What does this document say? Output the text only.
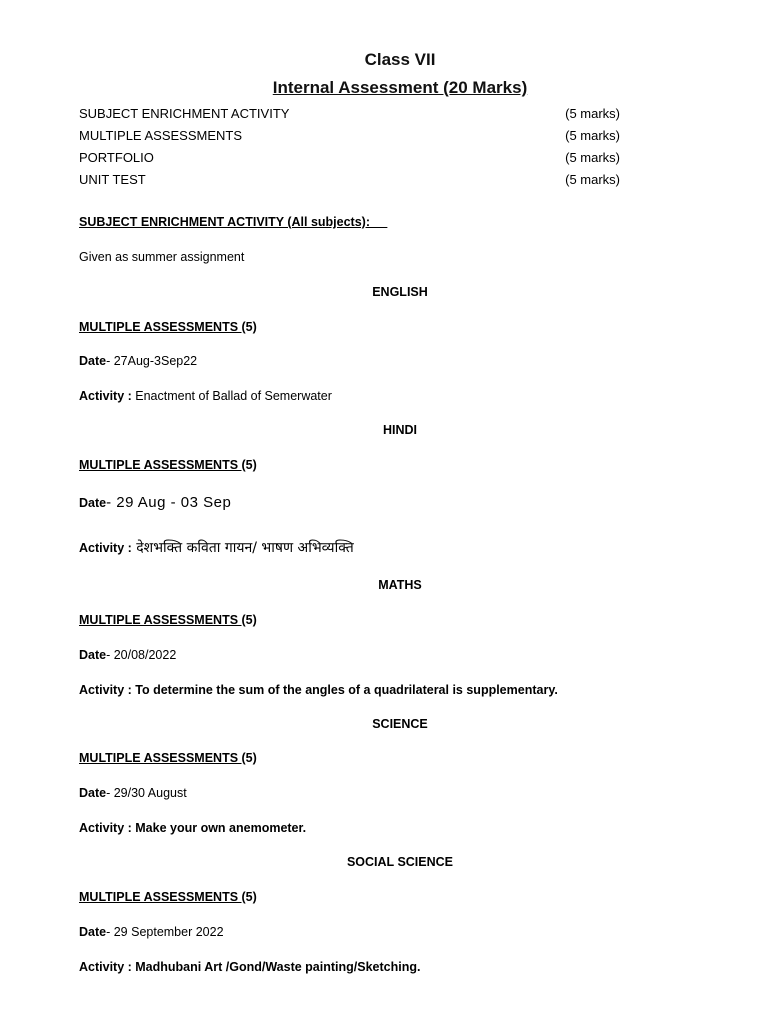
Class VII
Internal Assessment (20 Marks)
SUBJECT ENRICHMENT ACTIVITY	(5 marks)
MULTIPLE ASSESSMENTS	(5 marks)
PORTFOLIO	(5 marks)
UNIT TEST	(5 marks)
SUBJECT ENRICHMENT ACTIVITY (All subjects):
Given as summer assignment
ENGLISH
MULTIPLE ASSESSMENTS (5)
Date- 27Aug-3Sep22
Activity : Enactment of Ballad of Semerwater
HINDI
MULTIPLE ASSESSMENTS (5)
Date- 29 Aug - 03 Sep
Activity : देशभक्ति कविता गायन/ भाषण अभिव्यक्ति
MATHS
MULTIPLE ASSESSMENTS (5)
Date- 20/08/2022
Activity : To determine the sum of the angles of a quadrilateral is supplementary.
SCIENCE
MULTIPLE ASSESSMENTS (5)
Date- 29/30 August
Activity : Make your own anemometer.
SOCIAL SCIENCE
MULTIPLE ASSESSMENTS (5)
Date- 29 September 2022
Activity : Madhubani Art /Gond/Waste painting/Sketching.
